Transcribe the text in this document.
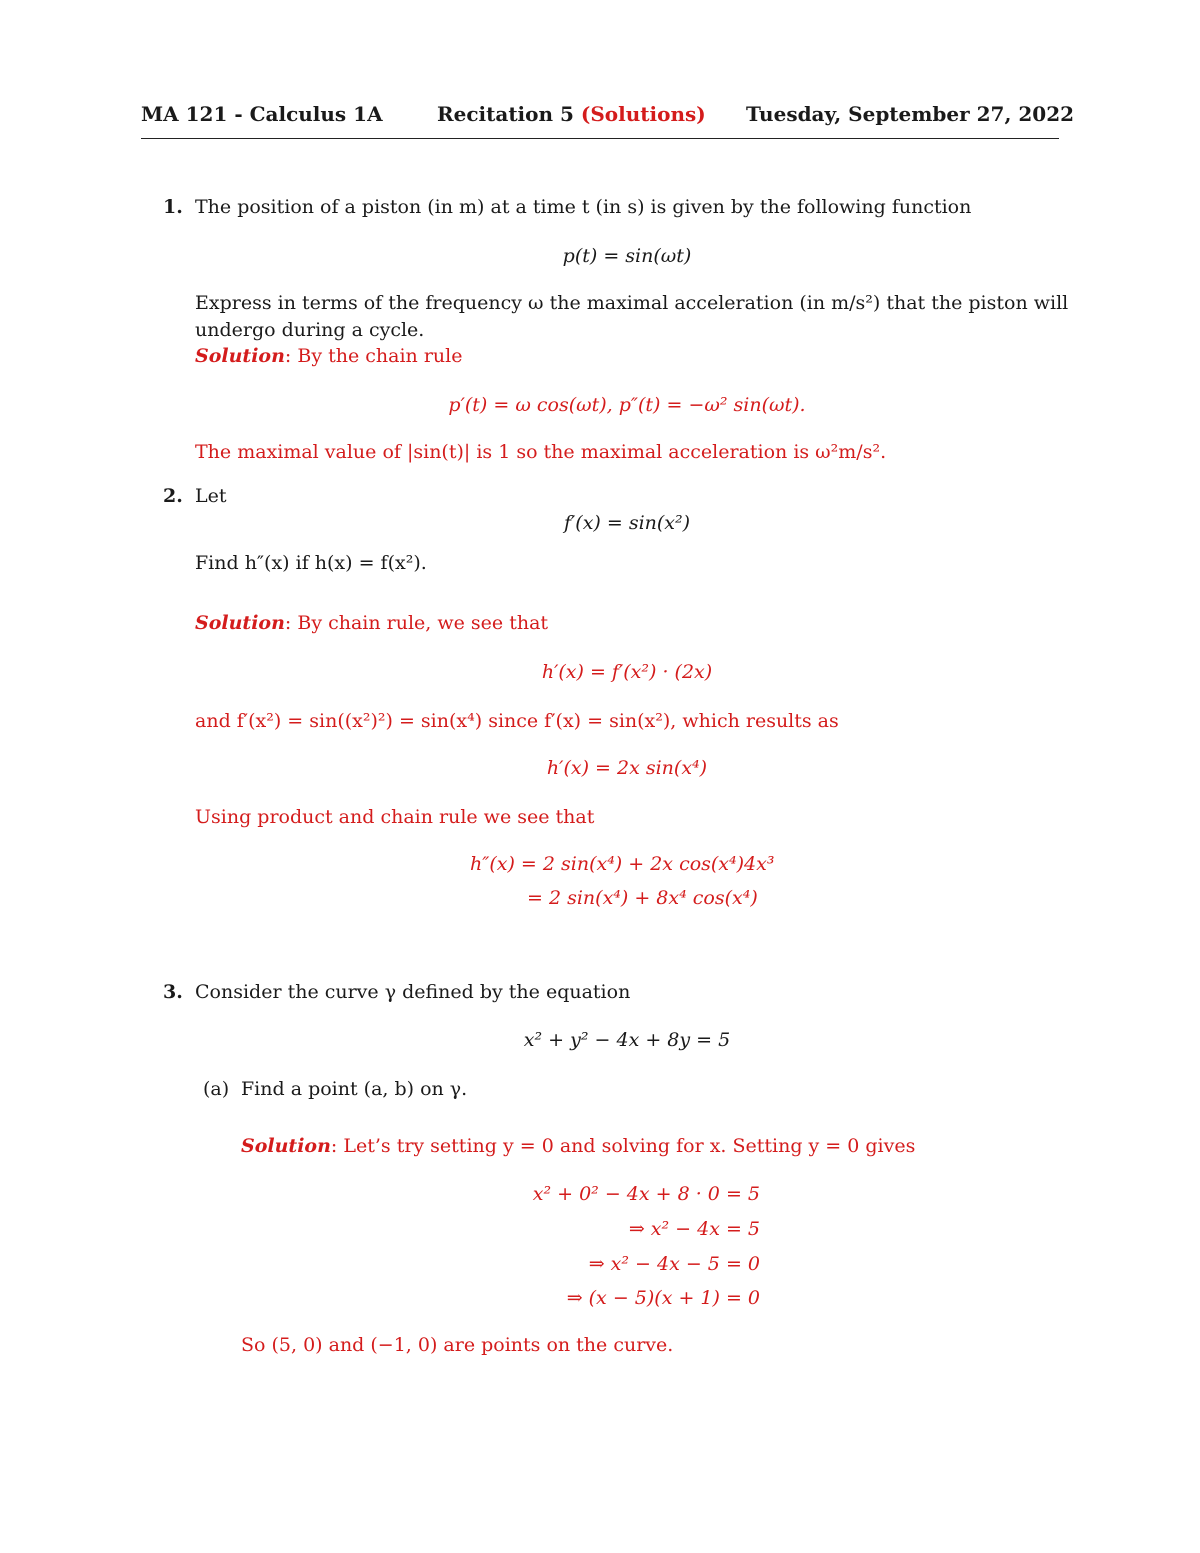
MA 121 - Calculus 1A	Recitation 5 (Solutions) Tuesday, September 27, 2022
1. The position of a piston (in m) at a time t (in s) is given by the following function
p(t) = sin(ωt)
Express in terms of the frequency ω the maximal acceleration (in m/s²) that the piston will
undergo during a cycle.
Solution: By the chain rule
p′(t) = ω cos(ωt), p″(t) = −ω² sin(ωt).
The maximal value of |sin(t)| is 1 so the maximal acceleration is ω²m/s².
2. Let
f′(x) = sin(x²)
Find h″(x) if h(x) = f(x²).
Solution: By chain rule, we see that
h′(x) = f′(x²) · (2x)
and f′(x²) = sin((x²)²) = sin(x⁴) since f′(x) = sin(x²), which results as
h′(x) = 2x sin(x⁴)
Using product and chain rule we see that
h″(x) = 2 sin(x⁴) + 2x cos(x⁴)4x³
= 2 sin(x⁴) + 8x⁴ cos(x⁴)
3. Consider the curve γ defined by the equation
x² + y² − 4x + 8y = 5
(a) Find a point (a, b) on γ.
Solution: Let’s try setting y = 0 and solving for x. Setting y = 0 gives
x² + 0² − 4x + 8 · 0 = 5
⇒ x² − 4x = 5
⇒ x² − 4x − 5 = 0
⇒ (x − 5)(x + 1) = 0
So (5, 0) and (−1, 0) are points on the curve.
